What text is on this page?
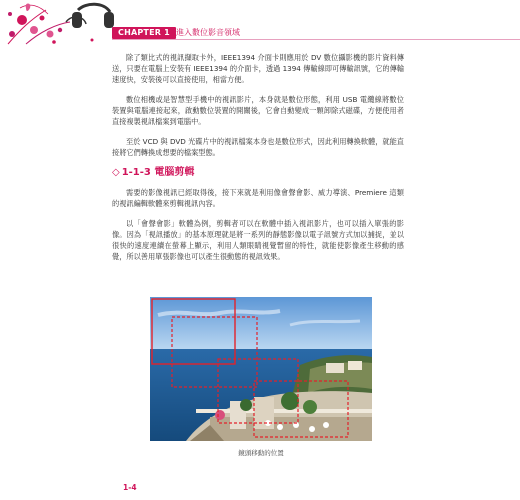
CHAPTER 1 進入數位影音領域

除了類比式的視訊擷取卡外，IEEE1394 介面卡則應用於 DV 數位攝影機的影片資料傳送，只要在電腦上安裝有 IEEE1394 的介面卡，透過 1394 傳輸線即可傳輸訊號，它的傳輸速度快，安裝後可以直接使用，相當方便。

數位相機或是智慧型手機中的視訊影片，本身就是數位形態，利用 USB 電纜線將數位裝置與電腦連接起來，啟動數位裝置的開關後，它會自動變成一顆卸除式磁碟，方便使用者直接複製視訊檔案到電腦中。

至於 VCD 與 DVD 光碟片中的視訊檔案本身也是數位形式，因此利用轉換軟體，就能直接將它們轉換成想要的檔案型態。

◇ 1-1-3 電腦剪輯

需要的影像視訊已經取得後，接下來就是利用像會聲會影、威力導演、Premiere 這類的視訊編輯軟體來剪輯視訊內容。

以「會聲會影」軟體為例，剪輯者可以在軟體中插入視訊影片，也可以插入單張的影像。因為「視訊播放」的基本原理就是將一系列的靜態影像以電子訊號方式加以捕捉，並以很快的速度連續在螢幕上顯示，利用人類眼睛視覺暫留的特性，就能使影像產生移動的感覺，所以善用單張影像也可以產生很動態的視訊效果。

鏡頭移動的位置
1-4
